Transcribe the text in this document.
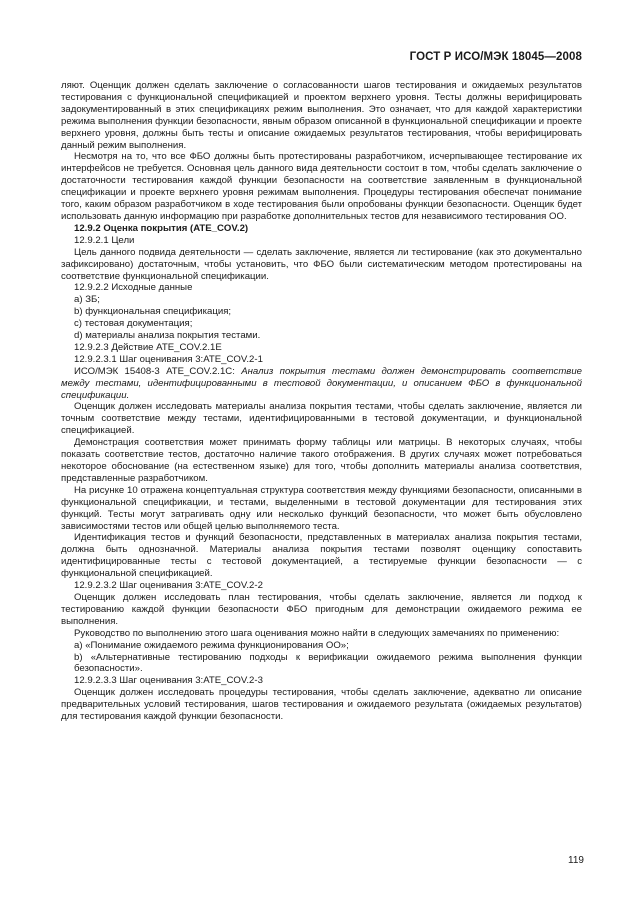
ГОСТ Р ИСО/МЭК 18045—2008

ляют. Оценщик должен сделать заключение о согласованности шагов тестирования и ожидаемых результатов тестирования с функциональной спецификацией и проектом верхнего уровня. Тесты должны верифицировать задокументированный в этих спецификациях режим выполнения. Это означает, что для каждой характеристики режима выполнения функции безопасности, явным образом описанной в функциональной спецификации и проекте верхнего уровня, должны быть тесты и описание ожидаемых результатов тестирования, чтобы верифицировать данный режим выполнения.

Несмотря на то, что все ФБО должны быть протестированы разработчиком, исчерпывающее тестирование их интерфейсов не требуется. Основная цель данного вида деятельности состоит в том, чтобы сделать заключение о достаточности тестирования каждой функции безопасности на соответствие заявленным в функциональной спецификации и проекте верхнего уровня режимам выполнения. Процедуры тестирования обеспечат понимание того, каким образом разработчиком в ходе тестирования были опробованы функции безопасности. Оценщик будет использовать данную информацию при разработке дополнительных тестов для независимого тестирования ОО.

12.9.2 Оценка покрытия (ATE_COV.2)

12.9.2.1 Цели

Цель данного подвида деятельности — сделать заключение, является ли тестирование (как это документально зафиксировано) достаточным, чтобы установить, что ФБО были систематическим методом протестированы на соответствие функциональной спецификации.

12.9.2.2 Исходные данные

а) ЗБ;

b) функциональная спецификация;

c) тестовая документация;

d) материалы анализа покрытия тестами.

12.9.2.3 Действие ATE_COV.2.1Е

12.9.2.3.1 Шаг оценивания 3:ATE_COV.2-1

ИСО/МЭК 15408-3 ATE_COV.2.1С: Анализ покрытия тестами должен демонстрировать соответствие между тестами, идентифицированными в тестовой документации, и описанием ФБО в функциональной спецификации.

Оценщик должен исследовать материалы анализа покрытия тестами, чтобы сделать заключение, является ли точным соответствие между тестами, идентифицированными в тестовой документации, и функциональной спецификацией.

Демонстрация соответствия может принимать форму таблицы или матрицы. В некоторых случаях, чтобы показать соответствие тестов, достаточно наличие такого отображения. В других случаях может потребоваться некоторое обоснование (на естественном языке) для того, чтобы дополнить материалы анализа соответствия, представленные разработчиком.

На рисунке 10 отражена концептуальная структура соответствия между функциями безопасности, описанными в функциональной спецификации, и тестами, выделенными в тестовой документации для тестирования этих функций. Тесты могут затрагивать одну или несколько функций безопасности, что может быть обусловлено зависимостями тестов или общей целью выполняемого теста.

Идентификация тестов и функций безопасности, представленных в материалах анализа покрытия тестами, должна быть однозначной. Материалы анализа покрытия тестами позволят оценщику сопоставить идентифицированные тесты с тестовой документацией, а тестируемые функции безопасности — с функциональной спецификацией.

12.9.2.3.2 Шаг оценивания 3:ATE_COV.2-2

Оценщик должен исследовать план тестирования, чтобы сделать заключение, является ли подход к тестированию каждой функции безопасности ФБО пригодным для демонстрации ожидаемого режима ее выполнения.

Руководство по выполнению этого шага оценивания можно найти в следующих замечаниях по применению:

а) «Понимание ожидаемого режима функционирования ОО»;

b) «Альтернативные тестированию подходы к верификации ожидаемого режима выполнения функции безопасности».

12.9.2.3.3 Шаг оценивания 3:ATE_COV.2-3

Оценщик должен исследовать процедуры тестирования, чтобы сделать заключение, адекватно ли описание предварительных условий тестирования, шагов тестирования и ожидаемого результата (ожидаемых результатов) для тестирования каждой функции безопасности.

119
